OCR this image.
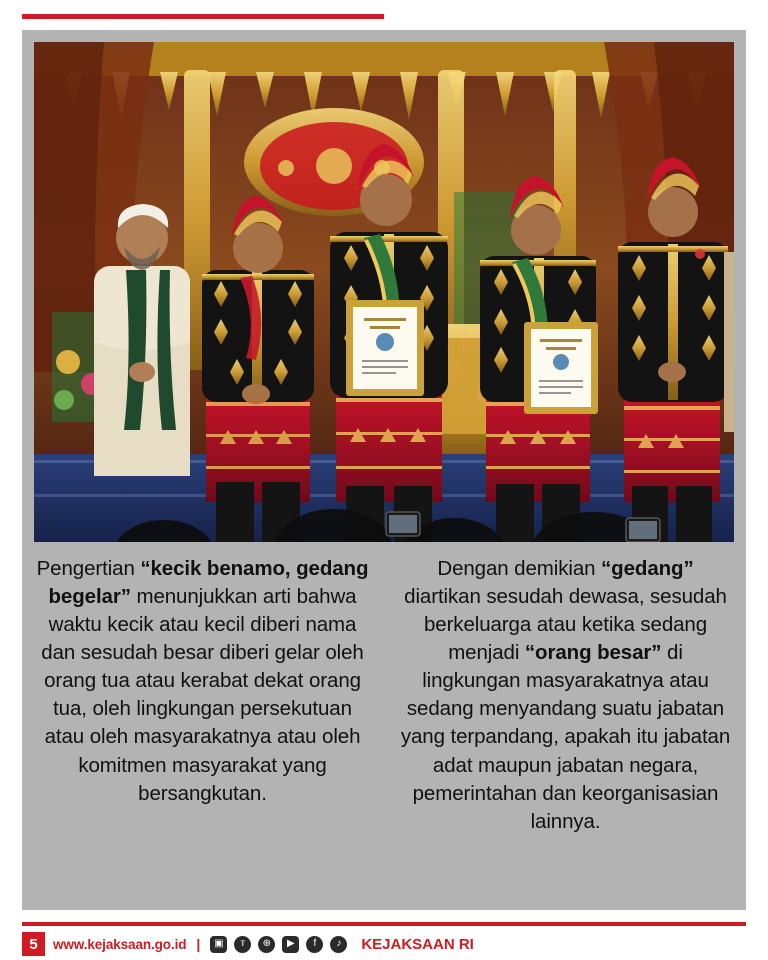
Pengertian “kecik benamo, gedang begelar” menunjukkan arti bahwa waktu kecik atau kecil diberi nama dan sesudah besar diberi gelar oleh orang tua atau kerabat dekat orang tua, oleh lingkungan persekutuan atau oleh masyarakatnya atau oleh komitmen masyarakat yang bersangkutan.
Dengan demikian “gedang” diartikan sesudah dewasa, sesudah berkeluarga atau ketika sedang menjadi “orang besar” di lingkungan masyarakatnya atau sedang menyandang suatu jabatan yang terpandang, apakah itu jabatan adat maupun jabatan negara, pemerintahan dan keorganisasian lainnya.
5	www.kejaksaan.go.id |	▣	ᴛ	⊕	▶	f	♪	KEJAKSAAN RI
